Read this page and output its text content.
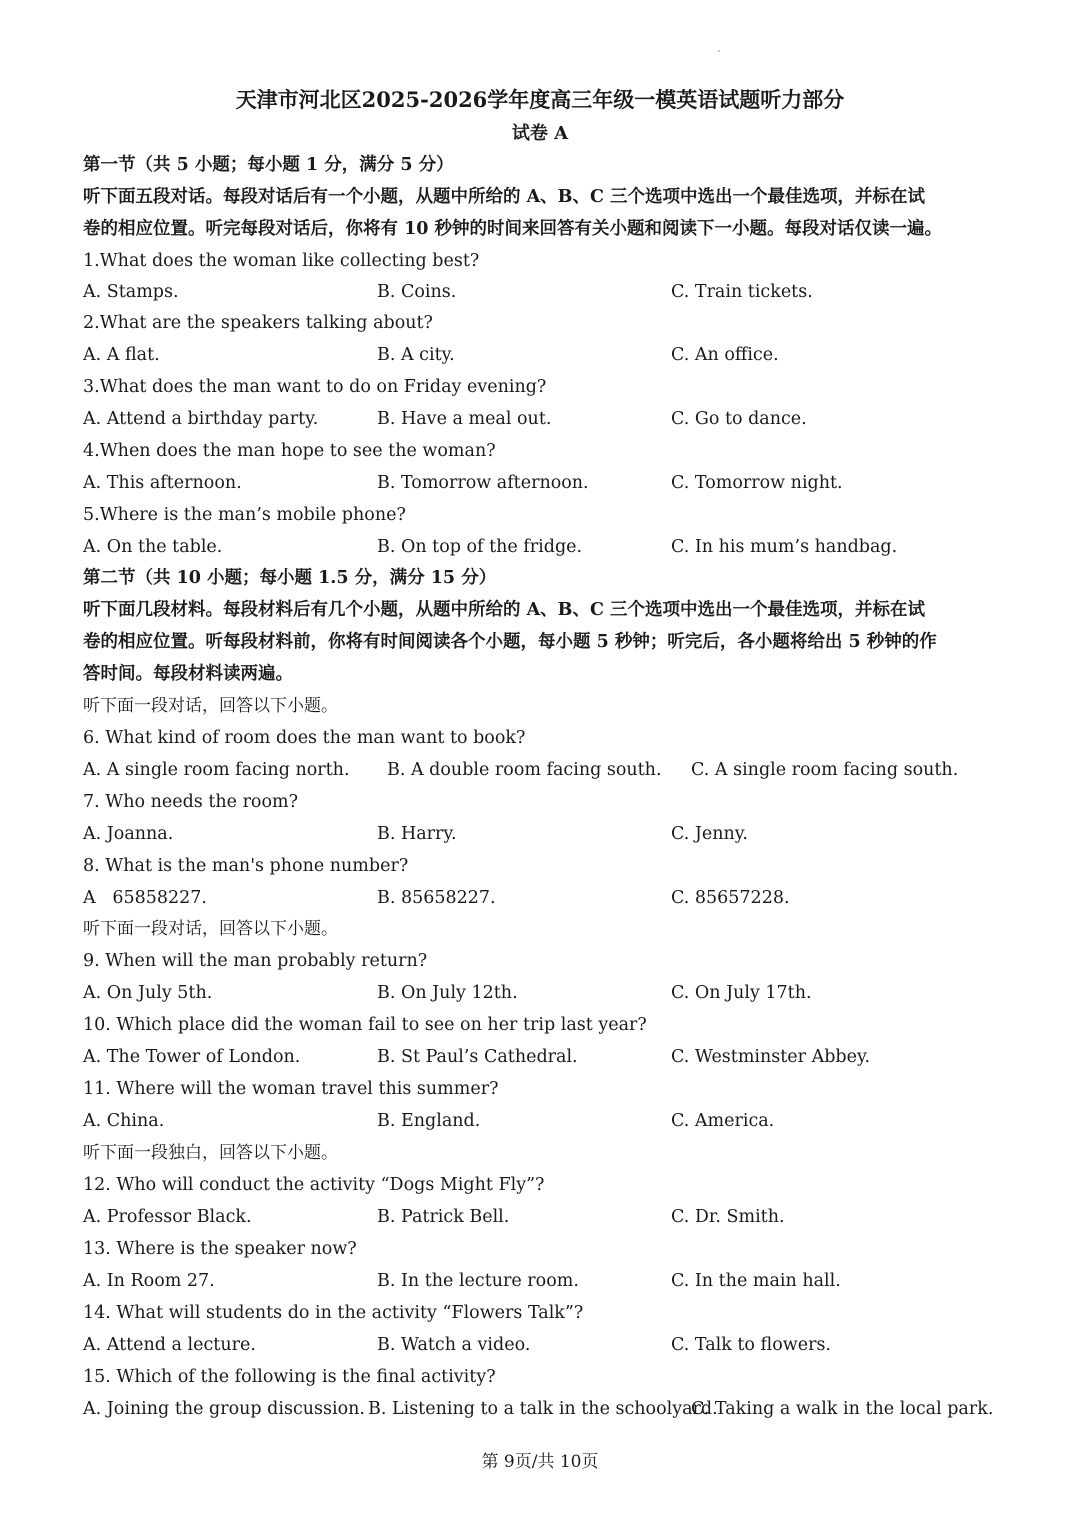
天津市河北区2025-2026学年度高三年级一模英语试题听力部分
试卷 A
第一节（共 5 小题；每小题 1 分，满分 5 分）
听下面五段对话。每段对话后有一个小题，从题中所给的 A、B、C 三个选项中选出一个最佳选项，并标在试
卷的相应位置。听完每段对话后，你将有 10 秒钟的时间来回答有关小题和阅读下一小题。每段对话仅读一遍。
1.What does the woman like collecting best?
A. Stamps.	B. Coins.	C. Train tickets.
2.What are the speakers talking about?
A. A flat.	B. A city.	C. An office.
3.What does the man want to do on Friday evening?
A. Attend a birthday party.	B. Have a meal out.	C. Go to dance.
4.When does the man hope to see the woman?
A. This afternoon.	B. Tomorrow afternoon.	C. Tomorrow night.
5.Where is the man’s mobile phone?
A. On the table.	B. On top of the fridge.	C. In his mum’s handbag.
第二节（共 10 小题；每小题 1.5 分，满分 15 分）
听下面几段材料。每段材料后有几个小题，从题中所给的 A、B、C 三个选项中选出一个最佳选项，并标在试
卷的相应位置。听每段材料前，你将有时间阅读各个小题，每小题 5 秒钟；听完后，各小题将给出 5 秒钟的作
答时间。每段材料读两遍。
听下面一段对话，回答以下小题。
6. What kind of room does the man want to book?
A. A single room facing north. B. A double room facing south. C. A single room facing south.
7. Who needs the room?
A. Joanna.	B. Harry.	C. Jenny.
8. What is the man's phone number?
A   65858227.	B. 85658227.	C. 85657228.
听下面一段对话，回答以下小题。
9. When will the man probably return?
A. On July 5th.	B. On July 12th.	C. On July 17th.
10. Which place did the woman fail to see on her trip last year?
A. The Tower of London.	B. St Paul’s Cathedral.	C. Westminster Abbey.
11. Where will the woman travel this summer?
A. China.	B. England.	C. America.
听下面一段独白，回答以下小题。
12. Who will conduct the activity “Dogs Might Fly”?
A. Professor Black.	B. Patrick Bell.	C. Dr. Smith.
13. Where is the speaker now?
A. In Room 27.	B. In the lecture room.	C. In the main hall.
14. What will students do in the activity “Flowers Talk”?
A. Attend a lecture.	B. Watch a video.	C. Talk to flowers.
15. Which of the following is the final activity?
A. Joining the group discussion. B. Listening to a talk in the schoolyard.
C. Taking a walk in the local park.
第 9页/共 10页
